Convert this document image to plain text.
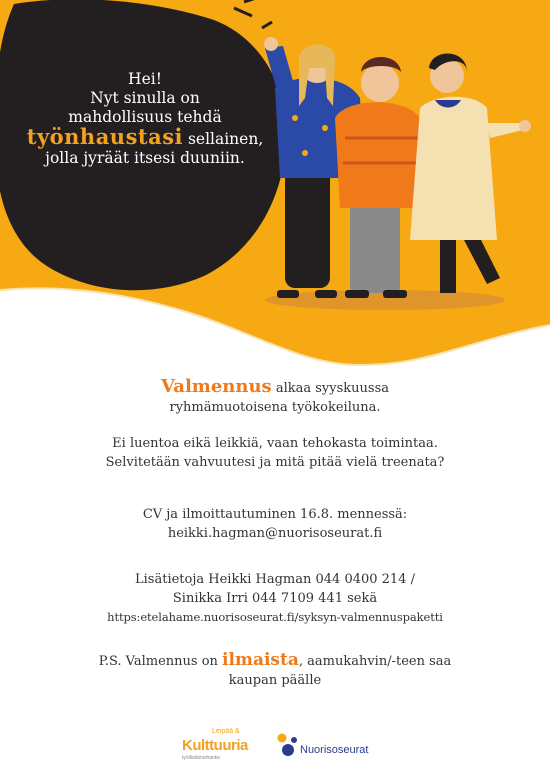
Hei!
Nyt sinulla on
mahdollisuus tehdä
työnhaustasi sellainen,
jolla jyräät itsesi duuniin.
Valmennus alkaa syyskuussa
ryhmämuotoisena työkokeiluna.
Ei luentoa eikä leikkiä, vaan tehokasta toimintaa.
Selvitetään vahvuutesi ja mitä pitää vielä treenata?
CV ja ilmoittautuminen 16.8. mennessä:
heikki.hagman@nuorisoseurat.fi
Lisätietoja Heikki Hagman 044 0400 214 /
Sinikka Irri 044 7109 441 sekä
https:etelahame.nuorisoseurat.fi/syksyn-valmennuspaketti
P.S. Valmennus on ilmaista, aamukahvin/-teen saa
kaupan päälle
Leipää &
Kulttuuria
työllistämishanke
Nuorisoseurat
